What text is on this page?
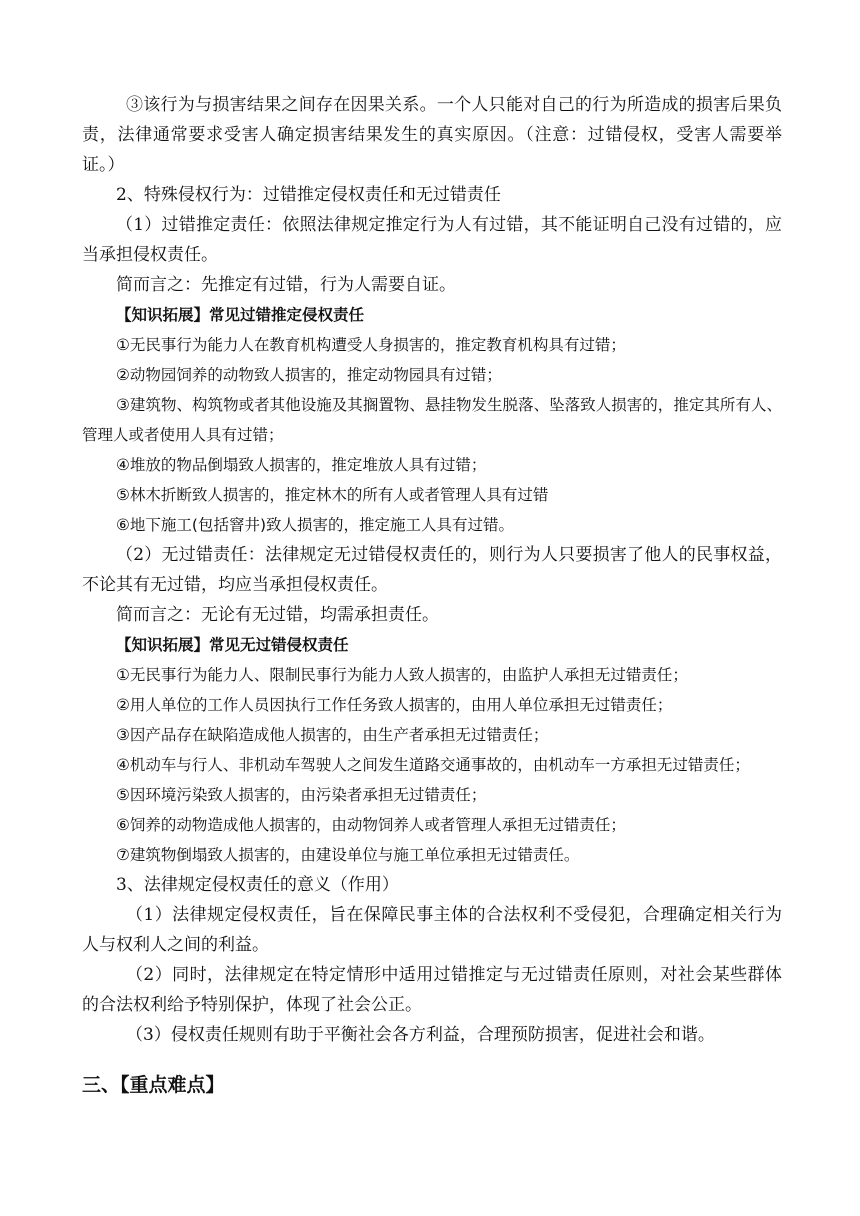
③该行为与损害结果之间存在因果关系。一个人只能对自己的行为所造成的损害后果负责，法律通常要求受害人确定损害结果发生的真实原因。（注意：过错侵权，受害人需要举证。）

2、特殊侵权行为：过错推定侵权责任和无过错责任

（1）过错推定责任：依照法律规定推定行为人有过错，其不能证明自己没有过错的，应当承担侵权责任。

简而言之：先推定有过错，行为人需要自证。

【知识拓展】常见过错推定侵权责任

①无民事行为能力人在教育机构遭受人身损害的，推定教育机构具有过错；

②动物园饲养的动物致人损害的，推定动物园具有过错；

③建筑物、构筑物或者其他设施及其搁置物、悬挂物发生脱落、坠落致人损害的，推定其所有人、管理人或者使用人具有过错；

④堆放的物品倒塌致人损害的，推定堆放人具有过错；

⑤林木折断致人损害的，推定林木的所有人或者管理人具有过错

⑥地下施工(包括窨井)致人损害的，推定施工人具有过错。

（2）无过错责任：法律规定无过错侵权责任的，则行为人只要损害了他人的民事权益，不论其有无过错，均应当承担侵权责任。

简而言之：无论有无过错，均需承担责任。

【知识拓展】常见无过错侵权责任

①无民事行为能力人、限制民事行为能力人致人损害的，由监护人承担无过错责任；

②用人单位的工作人员因执行工作任务致人损害的，由用人单位承担无过错责任；

③因产品存在缺陷造成他人损害的，由生产者承担无过错责任；

④机动车与行人、非机动车驾驶人之间发生道路交通事故的，由机动车一方承担无过错责任；

⑤因环境污染致人损害的，由污染者承担无过错责任；

⑥饲养的动物造成他人损害的，由动物饲养人或者管理人承担无过错责任；

⑦建筑物倒塌致人损害的，由建设单位与施工单位承担无过错责任。

3、法律规定侵权责任的意义（作用）

（1）法律规定侵权责任，旨在保障民事主体的合法权利不受侵犯，合理确定相关行为人与权利人之间的利益。

（2）同时，法律规定在特定情形中适用过错推定与无过错责任原则，对社会某些群体的合法权利给予特别保护，体现了社会公正。

（3）侵权责任规则有助于平衡社会各方利益，合理预防损害，促进社会和谐。

三、【重点难点】
